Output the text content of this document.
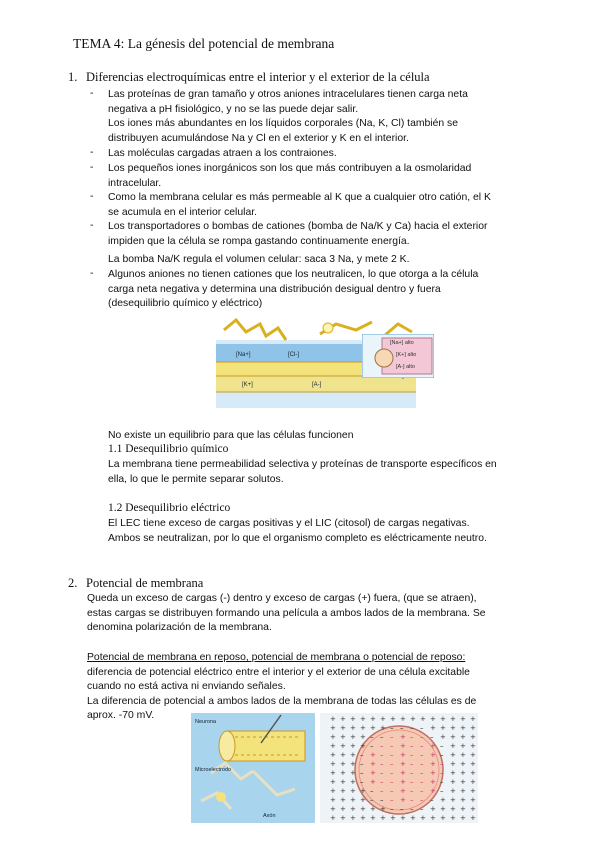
TEMA 4: La génesis del potencial de membrana
1. Diferencias electroquímicas entre el interior y el exterior de la célula
- Las proteínas de gran tamaño y otros aniones intracelulares tienen carga neta
negativa a pH fisiológico, y no se las puede dejar salir.
Los iones más abundantes en los líquidos corporales (Na, K, Cl) también se
distribuyen acumulándose Na y Cl en el exterior y K en el interior.
- Las moléculas cargadas atraen a los contraiones.
- Los pequeños iones inorgánicos son los que más contribuyen a la osmolaridad
intracelular.
- Como la membrana celular es más permeable al K que a cualquier otro catión, el K
se acumula en el interior celular.
- Los transportadores o bombas de cationes (bomba de Na/K y Ca) hacia el exterior
impiden que la célula se rompa gastando continuamente energía.
La bomba Na/K regula el volumen celular: saca 3 Na, y mete 2 K.
- Algunos aniones no tienen cationes que los neutralicen, lo que otorga a la célula
carga neta negativa y determina una distribución desigual dentro y fuera
(desequilibrio químico y eléctrico)
[Na+]	[Cl-]
[K+]	[A-]
[Na+] alto
[K+] alto
[A-] alto
No existe un equilibrio para que las células funcionen
1.1 Desequilibrio químico
La membrana tiene permeabilidad selectiva y proteínas de transporte específicos en
ella, lo que le permite separar solutos.
1.2 Desequilibrio eléctrico
El LEC tiene exceso de cargas positivas y el LIC (citosol) de cargas negativas.
Ambos se neutralizan, por lo que el organismo completo es eléctricamente neutro.
2. Potencial de membrana
Queda un exceso de cargas (-) dentro y exceso de cargas (+) fuera, (que se atraen),
estas cargas se distribuyen formando una película a ambos lados de la membrana. Se
denomina polarización de la membrana.
Potencial de membrana en reposo, potencial de membrana o potencial de reposo:
diferencia de potencial eléctrico entre el interior y el exterior de una célula excitable
cuando no está activa ni enviando señales.
La diferencia de potencial a ambos lados de la membrana de todas las células es de
aprox. -70 mV.
Neurona
Microelectrodo
Axón
+ + + + + + + + + + + + + + +
+ + + + + + – – – – + + + + +
+ + + + – – – + – – – + + + +
+ + + + – – – + – – + – + + +
+ + + – + – – + – – + – + + +
+ + + – + – – + – – + – + + +
+ + + – + – – + – – + – + + +
+ + + – + – – + – – + – + + +
+ + + + – – – + – – + – + + +
+ + + + – – – + – – – + + + +
+ + + + + + – – – – + + + + +
+ + + + + + + + + + + + + + +
